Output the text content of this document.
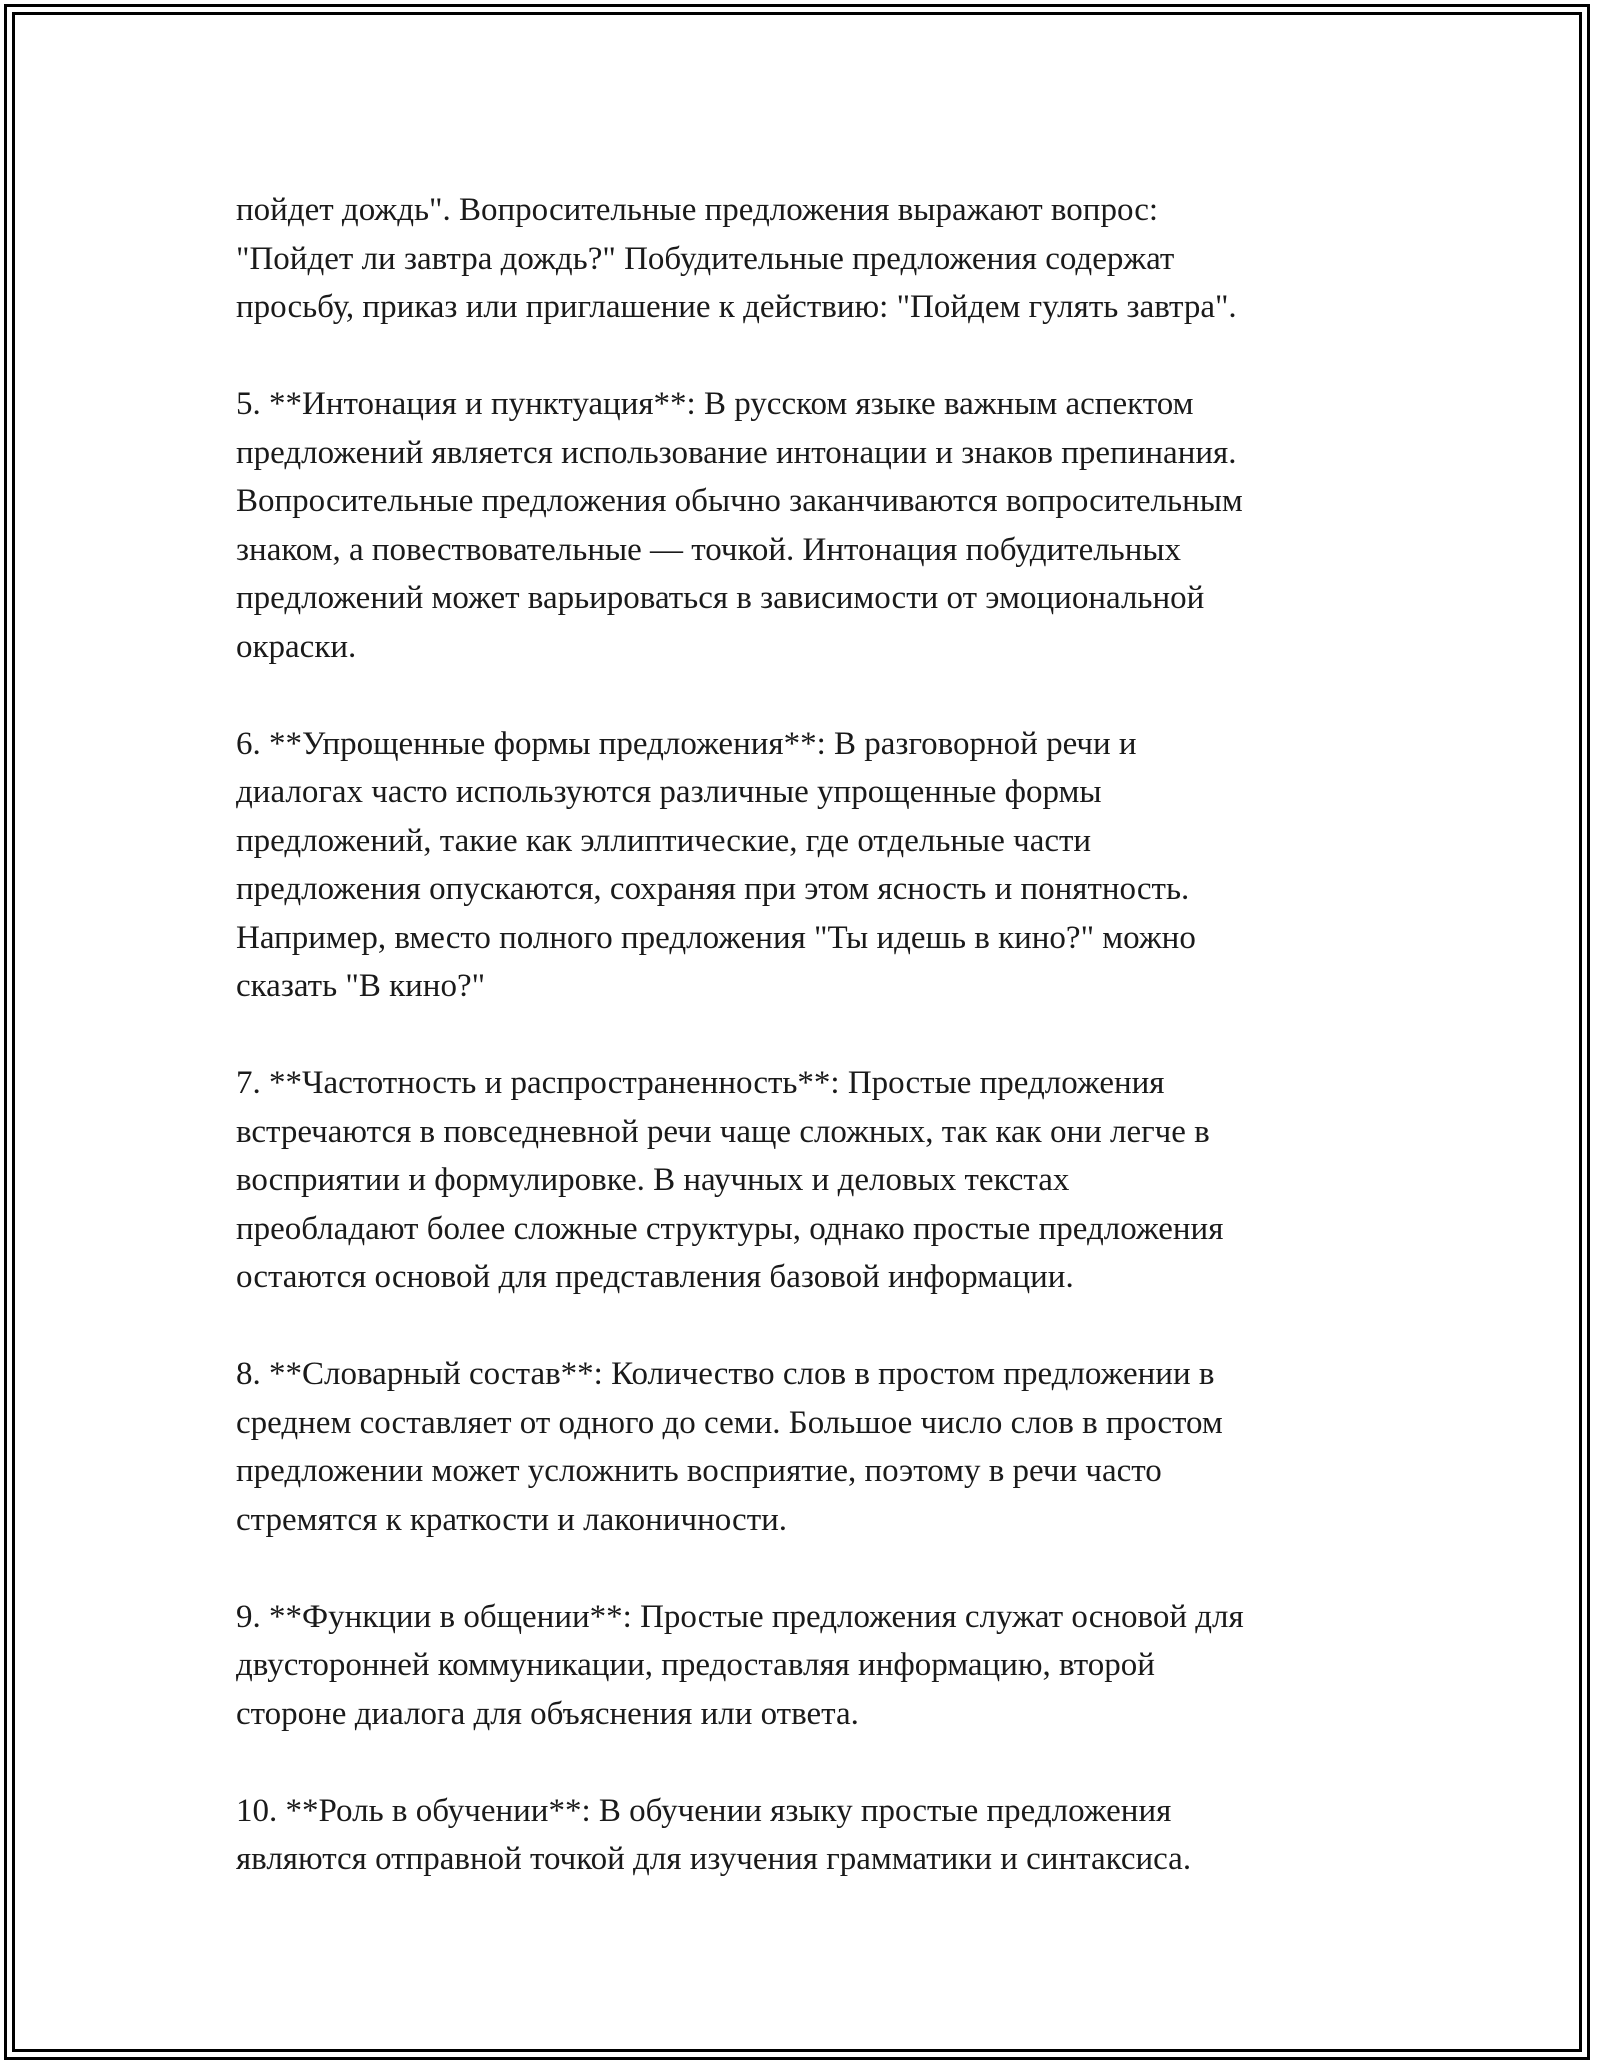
пойдет дождь". Вопросительные предложения выражают вопрос:
"Пойдет ли завтра дождь?" Побудительные предложения содержат
просьбу, приказ или приглашение к действию: "Пойдем гулять завтра".
5. **Интонация и пунктуация**: В русском языке важным аспектом
предложений является использование интонации и знаков препинания.
Вопросительные предложения обычно заканчиваются вопросительным
знаком, а повествовательные — точкой. Интонация побудительных
предложений может варьироваться в зависимости от эмоциональной
окраски.
6. **Упрощенные формы предложения**: В разговорной речи и
диалогах часто используются различные упрощенные формы
предложений, такие как эллиптические, где отдельные части
предложения опускаются, сохраняя при этом ясность и понятность.
Например, вместо полного предложения "Ты идешь в кино?" можно
сказать "В кино?"
7. **Частотность и распространенность**: Простые предложения
встречаются в повседневной речи чаще сложных, так как они легче в
восприятии и формулировке. В научных и деловых текстах
преобладают более сложные структуры, однако простые предложения
остаются основой для представления базовой информации.
8. **Словарный состав**: Количество слов в простом предложении в
среднем составляет от одного до семи. Большое число слов в простом
предложении может усложнить восприятие, поэтому в речи часто
стремятся к краткости и лаконичности.
9. **Функции в общении**: Простые предложения служат основой для
двусторонней коммуникации, предоставляя информацию, второй
стороне диалога для объяснения или ответа.
10. **Роль в обучении**: В обучении языку простые предложения
являются отправной точкой для изучения грамматики и синтаксиса.
